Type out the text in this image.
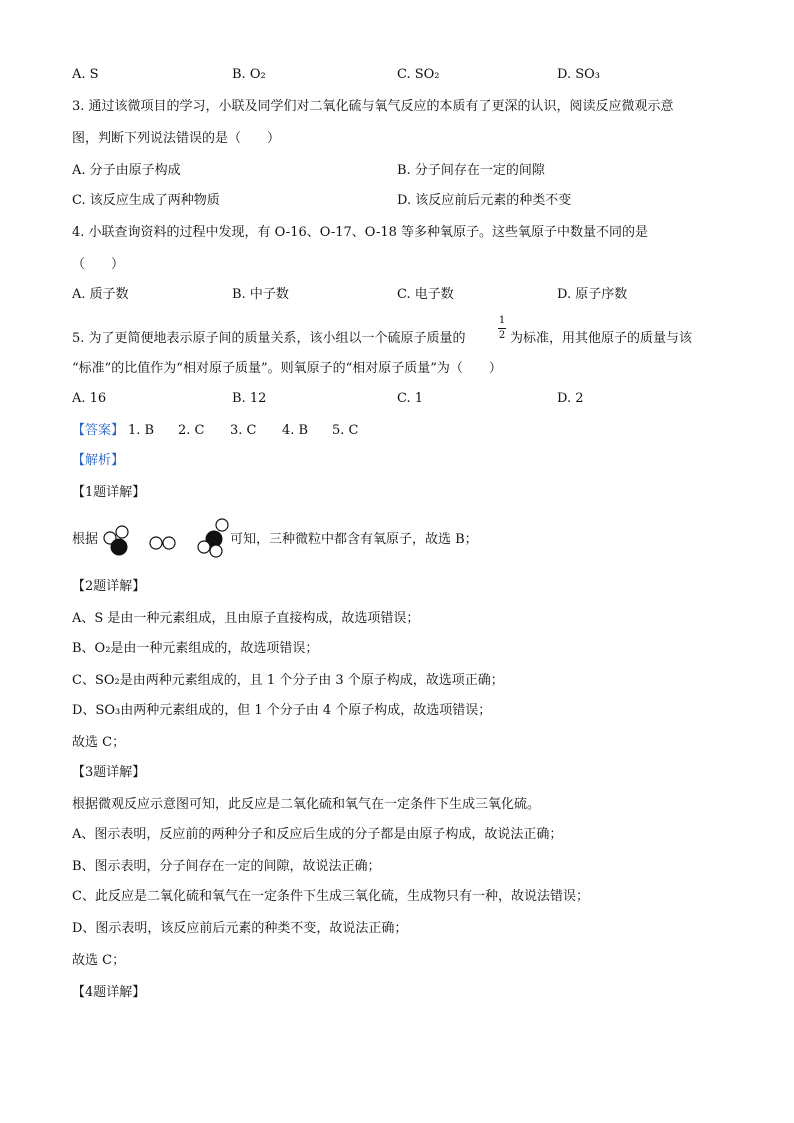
A. S	B. O₂	C. SO₂	D. SO₃
3. 通过该微项目的学习，小联及同学们对二氧化硫与氧气反应的本质有了更深的认识，阅读反应微观示意
图，判断下列说法错误的是（　　）
A. 分子由原子构成	B. 分子间存在一定的间隙
C. 该反应生成了两种物质	D. 该反应前后元素的种类不变
4. 小联查询资料的过程中发现，有 O-16、O-17、O-18 等多种氧原子。这些氧原子中数量不同的是
（　　）
A. 质子数	B. 中子数	C. 电子数	D. 原子序数
5. 为了更简便地表示原子间的质量关系，该小组以一个硫原子质量的
1
2 为标准，用其他原子的质量与该
“标准”的比值作为“相对原子质量”。则氧原子的“相对原子质量”为（　　）
A. 16	B. 12	C. 1	D. 2
【答案】 1. B 2. C 3. C 4. B 5. C
【解析】
【1题详解】
根据	可知，三种微粒中都含有氧原子，故选 B；
【2题详解】
A、S 是由一种元素组成，且由原子直接构成，故选项错误；
B、O₂是由一种元素组成的，故选项错误；
C、SO₂是由两种元素组成的，且 1 个分子由 3 个原子构成，故选项正确；
D、SO₃由两种元素组成的，但 1 个分子由 4 个原子构成，故选项错误；
故选 C；
【3题详解】
根据微观反应示意图可知，此反应是二氧化硫和氧气在一定条件下生成三氧化硫。
A、图示表明，反应前的两种分子和反应后生成的分子都是由原子构成，故说法正确；
B、图示表明，分子间存在一定的间隙，故说法正确；
C、此反应是二氧化硫和氧气在一定条件下生成三氧化硫，生成物只有一种，故说法错误；
D、图示表明，该反应前后元素的种类不变，故说法正确；
故选 C；
【4题详解】
